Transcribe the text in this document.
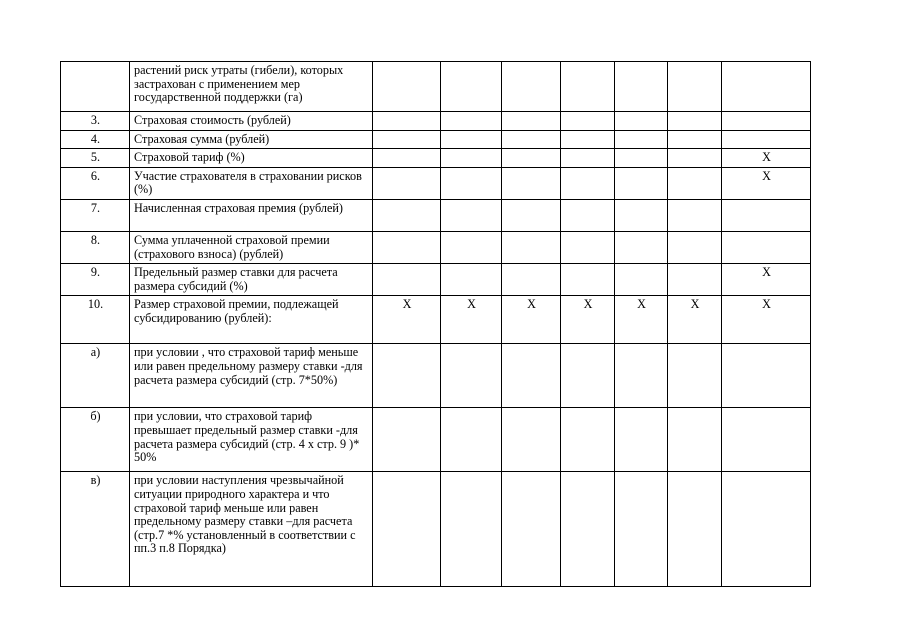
	растений риск утраты (гибели), которых застрахован с применением мер государственной поддержки (га)							
3.	Страховая стоимость (рублей)							
4.	Страховая сумма (рублей)							
5.	Страховой тариф (%)							Х
6.	Участие страхователя в страховании рисков (%)							Х
7.	Начисленная страховая премия (рублей)							
8.	Сумма уплаченной страховой премии (страхового взноса) (рублей)							
9.	Предельный размер ставки для расчета размера субсидий (%)							Х
10.	Размер страховой премии, подлежащей субсидированию (рублей):	Х	Х	Х	Х	Х	Х	Х
а)	при условии , что страховой тариф меньше или равен предельному размеру ставки -для расчета размера субсидий (стр. 7*50%)							
б)	при условии, что страховой тариф превышает предельный размер ставки -для расчета размера субсидий (стр. 4 х стр. 9 )* 50%							
в)	при условии наступления чрезвычайной ситуации природного характера и что страховой тариф меньше или равен предельному размеру ставки –для расчета (стр.7 *% установленный в соответствии с пп.3 п.8 Порядка)							
